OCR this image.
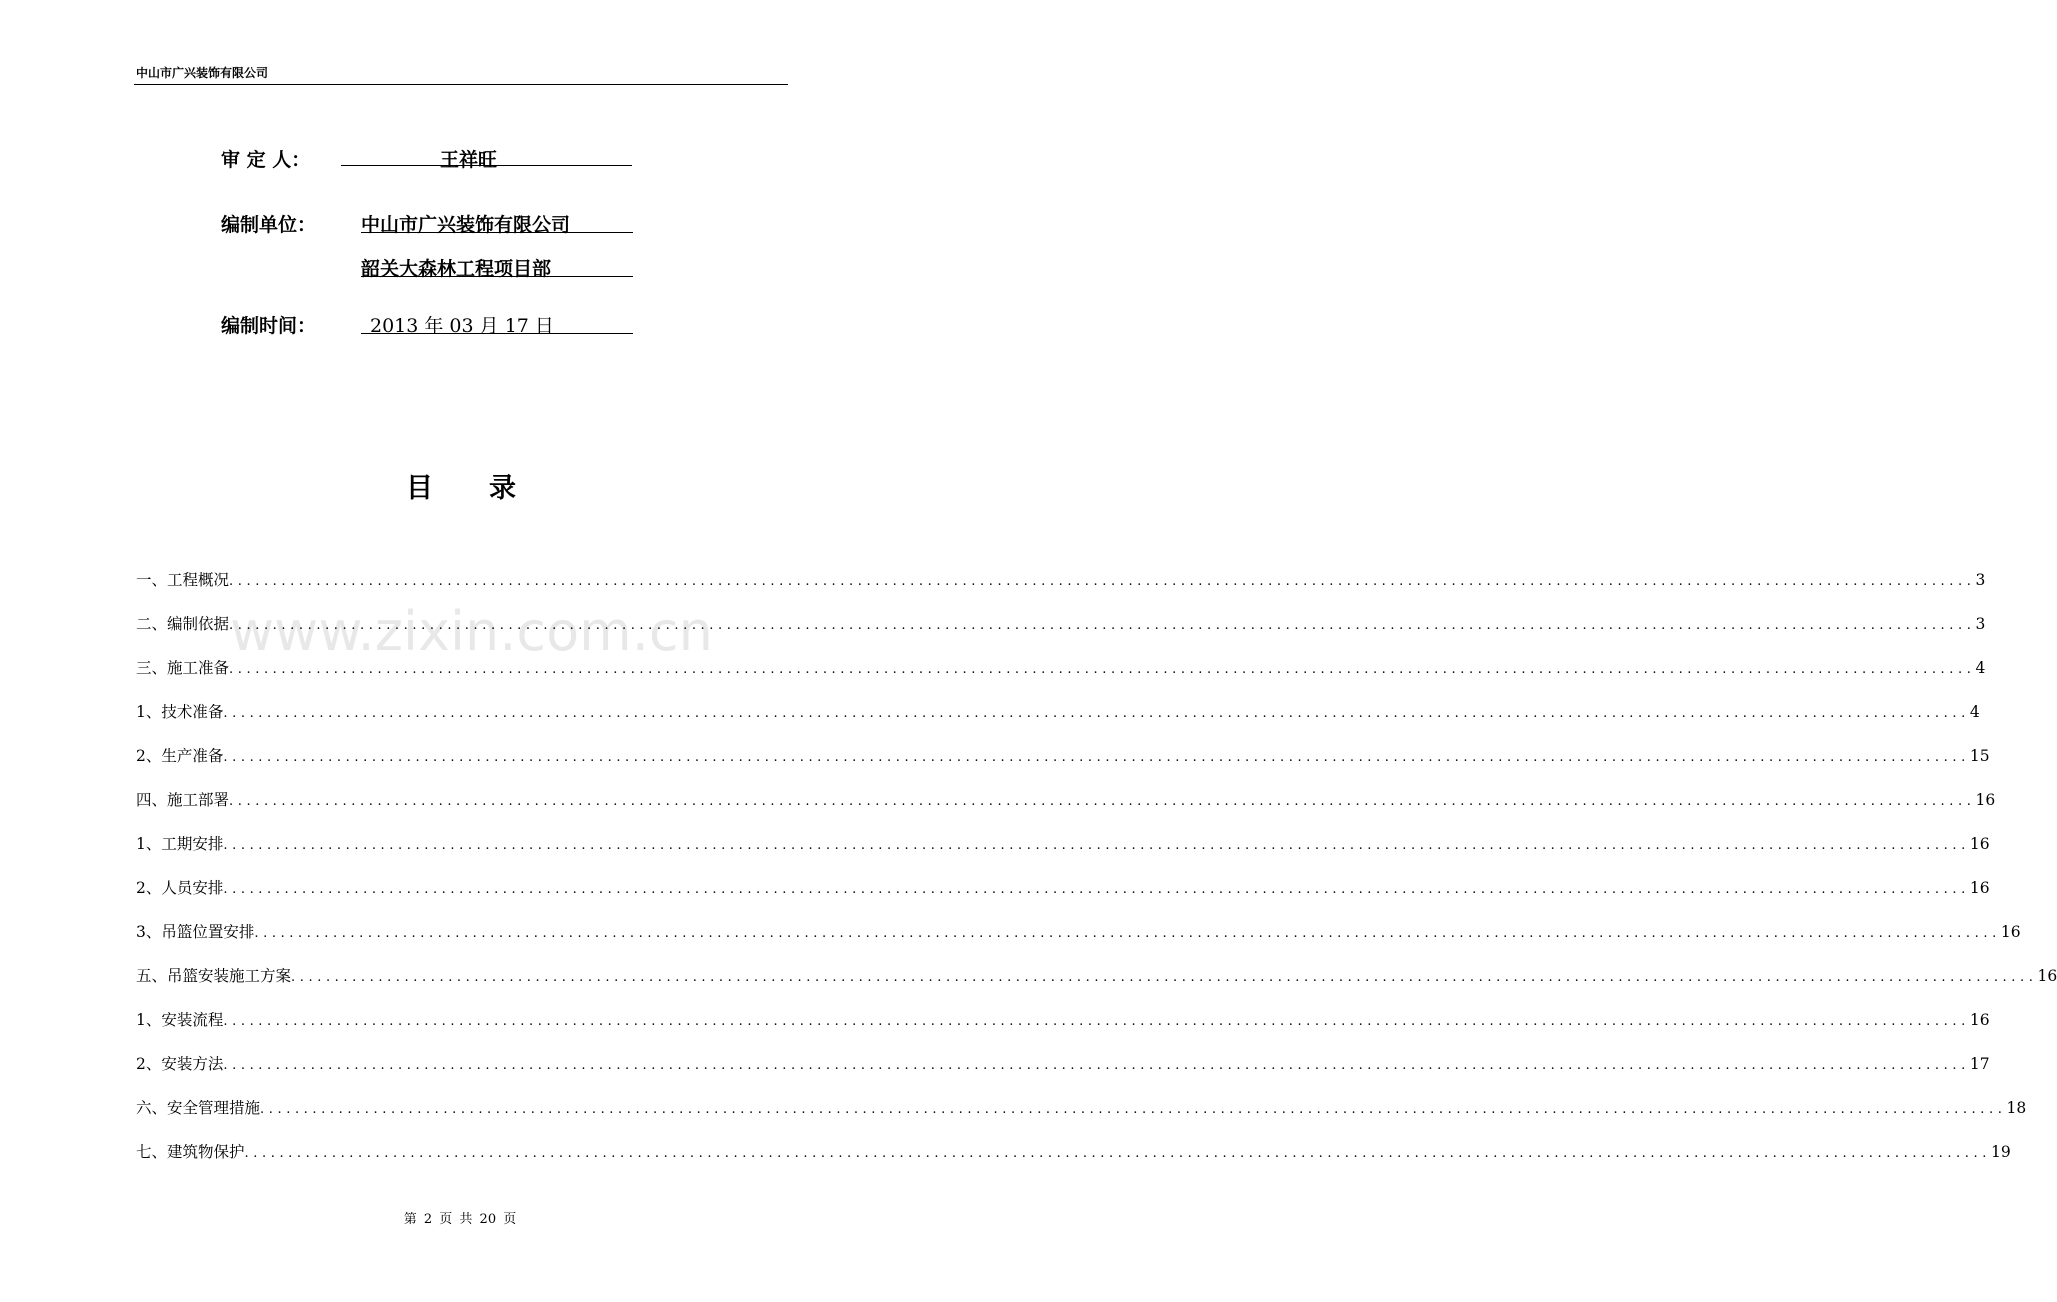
中山市广兴装饰有限公司
审 定 人：	王祥旺
编制单位： 中山市广兴装饰有限公司
韶关大森林工程项目部
编制时间：	2013 年 03 月 17 日
目录
www.zixin.com.cn
一、工程概况 ........................................................................................................................................................................................................ 3
二、编制依据 ........................................................................................................................................................................................................ 3
三、施工准备 ........................................................................................................................................................................................................ 4
1、技术准备 ........................................................................................................................................................................................................ 4
2、生产准备 ........................................................................................................................................................................................................ 15
四、施工部署 ........................................................................................................................................................................................................ 16
1、工期安排 ........................................................................................................................................................................................................ 16
2、人员安排 ........................................................................................................................................................................................................ 16
3、吊篮位置安排 ........................................................................................................................................................................................................ 16
五、吊篮安装施工方案 ........................................................................................................................................................................................................ 16
1、安装流程 ........................................................................................................................................................................................................ 16
2、安装方法 ........................................................................................................................................................................................................ 17
六、安全管理措施 ........................................................................................................................................................................................................ 18
七、建筑物保护 ........................................................................................................................................................................................................ 19
第 2 页 共 20 页
